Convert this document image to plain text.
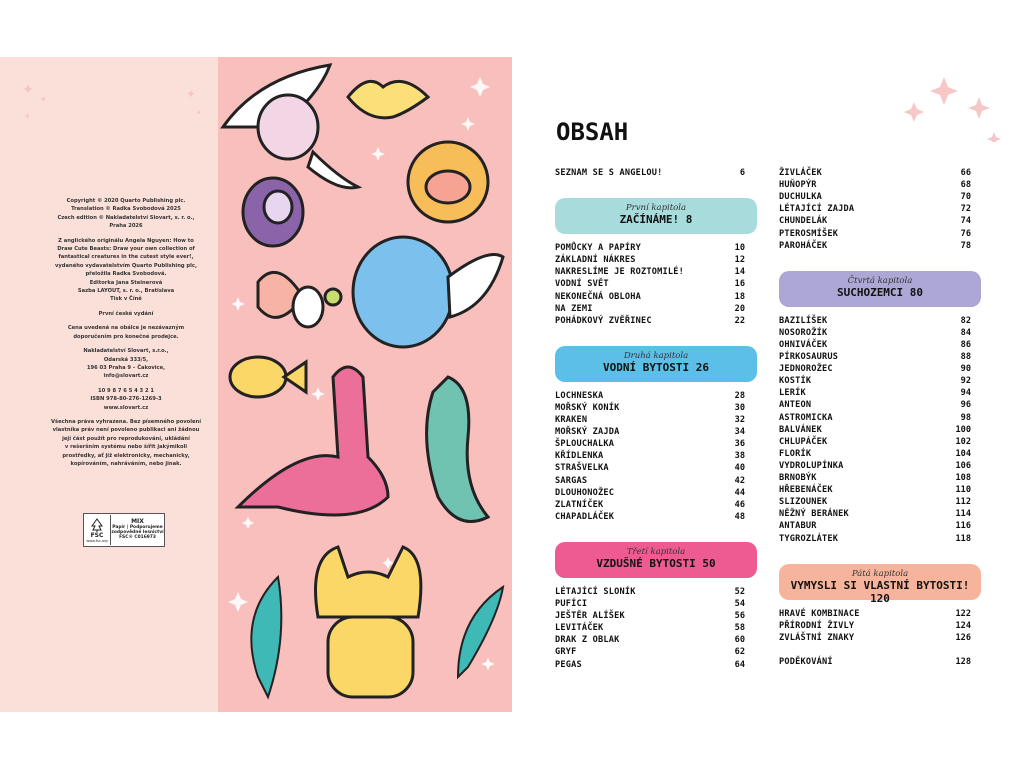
✦
✦
✦
✦
✦

Copyright © 2020 Quarto Publishing plc.
Translation © Radka Svobodová 2025
Czech edition © Nakladatelství Slovart, s. r. o.,
Praha 2026

Z anglického originálu Angela Nguyen: How to
Draw Cute Beasts: Draw your own collection of
fantastical creatures in the cutest style ever!,
vydaného vydavatelstvím Quarto Publishing plc,
přeložila Radka Svobodová.
Editorka Jana Steinerová
Sazba LAYOUT, s. r. o., Bratislava
Tisk v Číně

První české vydání

Cena uvedená na obálce je nezávazným
doporučením pro konečné prodejce.

Nakladatelství Slovart, s.r.o.,
Odarská 333/5,
196 03 Praha 9 – Čakovice,
info@slovart.cz

10 9 8 7 6 5 4 3 2 1
ISBN 978-80-276-1269-3
www.slovart.cz

Všechna práva vyhrazena. Bez písemného povolení
vlastníka práv není povoleno publikaci ani žádnou
její část použít pro reprodukování, ukládání
v rešeršním systému nebo šířit jakýmikoli
prostředky, ať již elektronicky, mechanicky,
kopírováním, nahráváním, nebo jinak.

FSC
www.fsc.org
MIX
Papír | Podporujeme
zodpovědné lesnictví
FSC® C016973
OBSAH
SEZNAM SE S ANGELOU!	6
První kapitola
ZAČÍNÁME! 8
POMŮCKY A PAPÍRY	10
ZÁKLADNÍ NÁKRES	12
NAKRESLÍME JE ROZTOMILÉ!	14
VODNÍ SVĚT	16
NEKONEČNÁ OBLOHA	18
NA ZEMI	20
POHÁDKOVÝ ZVĚŘINEC	22
Druhá kapitola
VODNÍ BYTOSTI 26
LOCHNESKA	28
MOŘSKÝ KONÍK	30
KRAKEN	32
MOŘSKÝ ZAJDA	34
ŠPLOUCHALKA	36
KŘÍDLENKA	38
STRAŠVELKA	40
SARGAS	42
DLOUHONOŽEC	44
ZLATNÍČEK	46
CHAPADLÁČEK	48
Třetí kapitola
VZDUŠNÉ BYTOSTI 50
LÉTAJÍCÍ SLONÍK	52
PUFÍCI	54
JEŠTĚR ALÍŠEK	56
LEVITÁČEK	58
DRAK Z OBLAK	60
GRYF	62
PEGAS	64
ŽIVLÁČEK	66
HUŇOPÝR	68
DUCHULKA	70
LÉTAJÍCÍ ZAJDA	72
CHUNDELÁK	74
PTEROSMÍŠEK	76
PAROHÁČEK	78
Čtvrtá kapitola
SUCHOZEMCI 80
BAZILÍŠEK	82
NOSOROŽÍK	84
OHNIVÁČEK	86
PÍRKOSAURUS	88
JEDNOROŽEC	90
KOSTÍK	92
LERÍK	94
ANTEON	96
ASTROMICKA	98
BALVÁNEK	100
CHLUPÁČEK	102
FLORÍK	104
VYDROLUPÍNKA	106
BRNOBÝK	108
HŘEBENÁČEK	110
SLIZOUNEK	112
NĚŽNÝ BERÁNEK	114
ANTABUR	116
TYGROZLÁTEK	118
Pátá kapitola
VYMYSLI SI VLASTNÍ BYTOSTI! 120
HRAVÉ KOMBINACE	122
PŘÍRODNÍ ŽIVLY	124
ZVLÁŠTNÍ ZNAKY	126
PODĚKOVÁNÍ	128
